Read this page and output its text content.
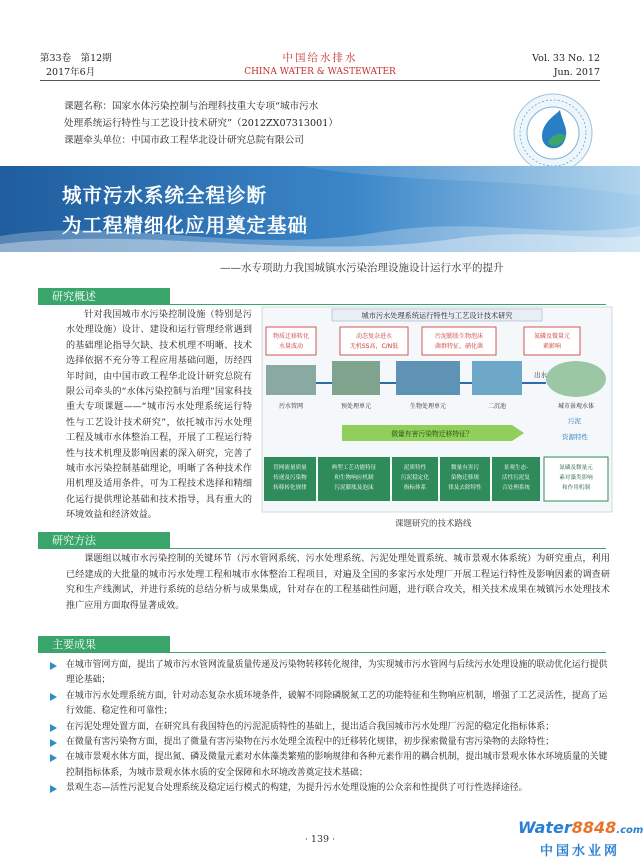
第33卷　第12期
2017年6月
中国给水排水
CHINA WATER & WASTEWATER
Vol. 33 No. 12
Jun. 2017
课题名称：国家水体污染控制与治理科技重大专项“城市污水
处理系统运行特性与工艺设计技术研究”（2012ZX07313001）
课题牵头单位：中国市政工程华北设计研究总院有限公司
城市污水系统全程诊断
为工程精细化应用奠定基础
——水专项助力我国城镇水污染治理设施设计运行水平的提升
研究概述

针对我国城市水污染控制设施（特别是污水处理设施）设计、建设和运行管理经常遇到的基础理论指导欠缺、技术机理不明晰、技术选择依据不充分等工程应用基础问题，历经四年时间，由中国市政工程华北设计研究总院有限公司牵头的“水体污染控制与治理”国家科技重大专项课题——“城市污水处理系统运行特性与工艺设计技术研究”，依托城市污水处理工程及城市水体整治工程，开展了工程运行特性与技术机理及影响因素的深入研究，完善了城市水污染控制基础理论，明晰了各种技术作用机理及适用条件，可为工程技术选择和精细化运行提供理论基础和技术指导，具有重大的环境效益和经济效益。

城市污水处理系统运行特性与工艺设计技术研究
物质迁移转化
水量波动
动态复杂进水
无机SS高，C/N低
污泥膨胀生物泡沫
菌群特征，硝化菌
氮磷及微量元
素影响
污水管网	预处理单元	生物处理单元	二沉池	城市景观水体
出水
污泥
微量有害污染物迁移特征？	资源特性
管网流量质量
传递及污染物
转移转化规律
典型工艺功能特征
和生物响应机制
污泥膨胀及泡沫
泥质特性
污泥稳定化
指标体系
微量有害污
染物迁移规
律及去除特性
景观生态-
活性污泥复
合处理系统
氮磷及微量元
素对藻类影响
和作用机制
课题研究的技术路线
研究方法

课题组以城市水污染控制的关键环节（污水管网系统、污水处理系统、污泥处理处置系统、城市景观水体系统）为研究重点，利用已经建成的大批量的城市污水处理工程和城市水体整治工程项目，对遍及全国的多家污水处理厂开展工程运行特性及影响因素的调查研究和生产线测试，并进行系统的总结分析与成果集成，针对存在的工程基础性问题，进行联合攻关，相关技术成果在城镇污水处理技术推广应用方面取得显著成效。

主要成果
在城市管网方面，提出了城市污水管网流量质量传递及污染物转移转化规律，为实现城市污水管网与后续污水处理设施的联动优化运行提供理论基础；
在城市污水处理系统方面，针对动态复杂水质环境条件，破解不同除磷脱氮工艺的功能特征和生物响应机制，增强了工艺灵活性，提高了运行效能、稳定性和可靠性；
在污泥处理处置方面，在研究具有我国特色的污泥泥质特性的基础上，提出适合我国城市污水处理厂污泥的稳定化指标体系；
在微量有害污染物方面，提出了微量有害污染物在污水处理全流程中的迁移转化规律，初步探索微量有害污染物的去除特性；
在城市景观水体方面，提出氮、磷及微量元素对水体藻类繁殖的影响规律和各种元素作用的耦合机制，提出城市景观水体水环境质量的关键控制指标体系，为城市景观水体水质的安全保障和水环境改善奠定技术基础；
景观生态—活性污泥复合处理系统及稳定运行模式的构建，为提升污水处理设施的公众亲和性提供了可行性选择途径。
· 139 ·
Water8848.com
中国水业网
